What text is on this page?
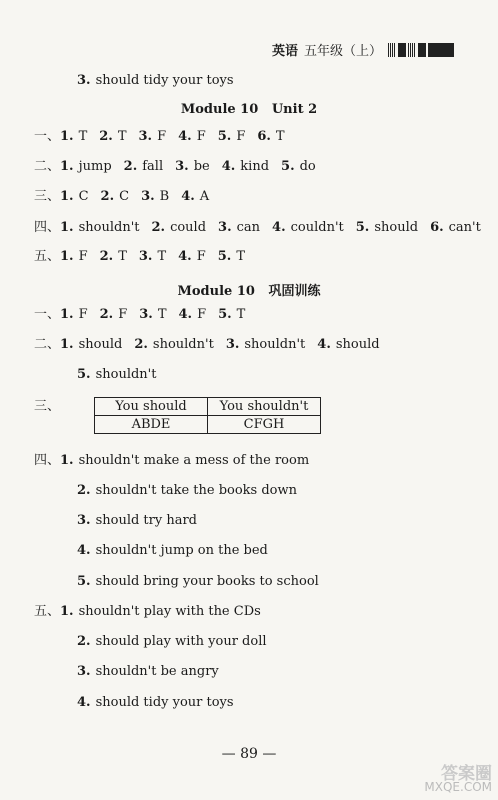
英语 五年级（上）
Module 10   Unit 2
Module 10   巩固训练
3. should tidy your toys
一、1. T 2. T 3. F 4. F 5. F 6. T
二、1. jump 2. fall 3. be 4. kind 5. do
三、1. C 2. C 3. B 4. A
四、1. shouldn't 2. could 3. can 4. couldn't 5. should 6. can't
五、1. F 2. T 3. T 4. F 5. T
一、1. F 2. F 3. T 4. F 5. T
二、1. should 2. shouldn't 3. shouldn't 4. should
5. shouldn't
四、1. shouldn't make a mess of the room
2. shouldn't take the books down
3. should try hard
4. shouldn't jump on the bed
5. should bring your books to school
五、1. shouldn't play with the CDs
2. should play with your doll
3. shouldn't be angry
4. should tidy your toys
三、	You should	You shouldn't
ABDE	CFGH
— 89 —
答案圈
MXQE.COM
